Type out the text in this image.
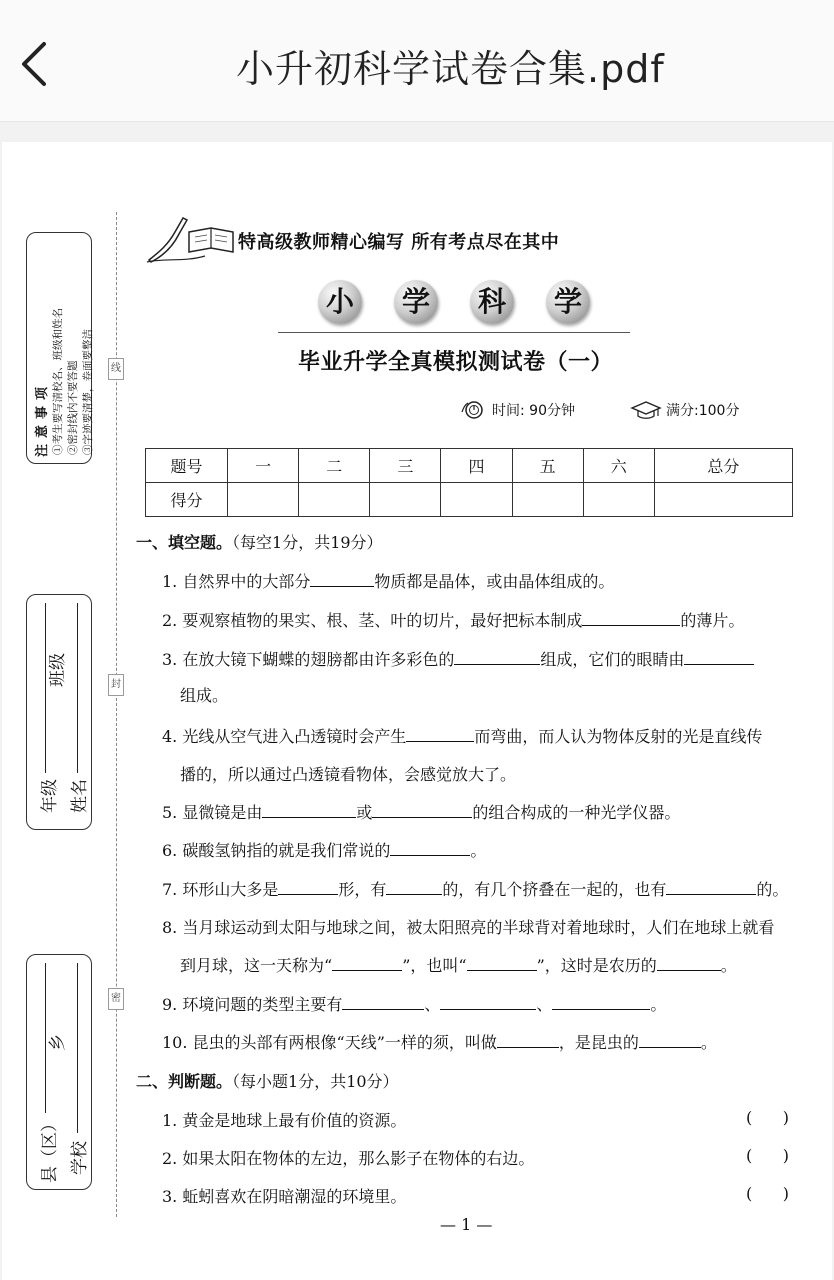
小升初科学试卷合集.pdf
线
封
密
注意事项 ①考生要写清校名、班级和姓名 ②密封线内不要答题 ③字迹要清楚，卷面要整洁
年级
班级
姓名
县（区）
乡
学校
特高级教师精心编写 所有考点尽在其中
小 学 科 学
毕业升学全真模拟测试卷（一）
时间: 90分钟	满分:100分
题号	一	二	三	四	五	六	总分
得分							
一、填空题。（每空1分，共19分）
1. 自然界中的大部分	物质都是晶体，或由晶体组成的。
2. 要观察植物的果实、根、茎、叶的切片，最好把标本制成	的薄片。
3. 在放大镜下蝴蝶的翅膀都由许多彩色的	组成，它们的眼睛由
组成。
4. 光线从空气进入凸透镜时会产生	而弯曲，而人认为物体反射的光是直线传
播的，所以通过凸透镜看物体，会感觉放大了。
5. 显微镜是由	或	的组合构成的一种光学仪器。
6. 碳酸氢钠指的就是我们常说的	。
7. 环形山大多是	形，有	的，有几个挤叠在一起的，也有	的。
8. 当月球运动到太阳与地球之间，被太阳照亮的半球背对着地球时，人们在地球上就看
到月球，这一天称为“	”，也叫“	”，这时是农历的	。
9. 环境问题的类型主要有	、	、	。
10. 昆虫的头部有两根像“天线”一样的须，叫做	，是昆虫的	。
二、判断题。（每小题1分，共10分）
1. 黄金是地球上最有价值的资源。	(      )
2. 如果太阳在物体的左边，那么影子在物体的右边。	(      )
3. 蚯蚓喜欢在阴暗潮湿的环境里。	(      )
— 1 —
